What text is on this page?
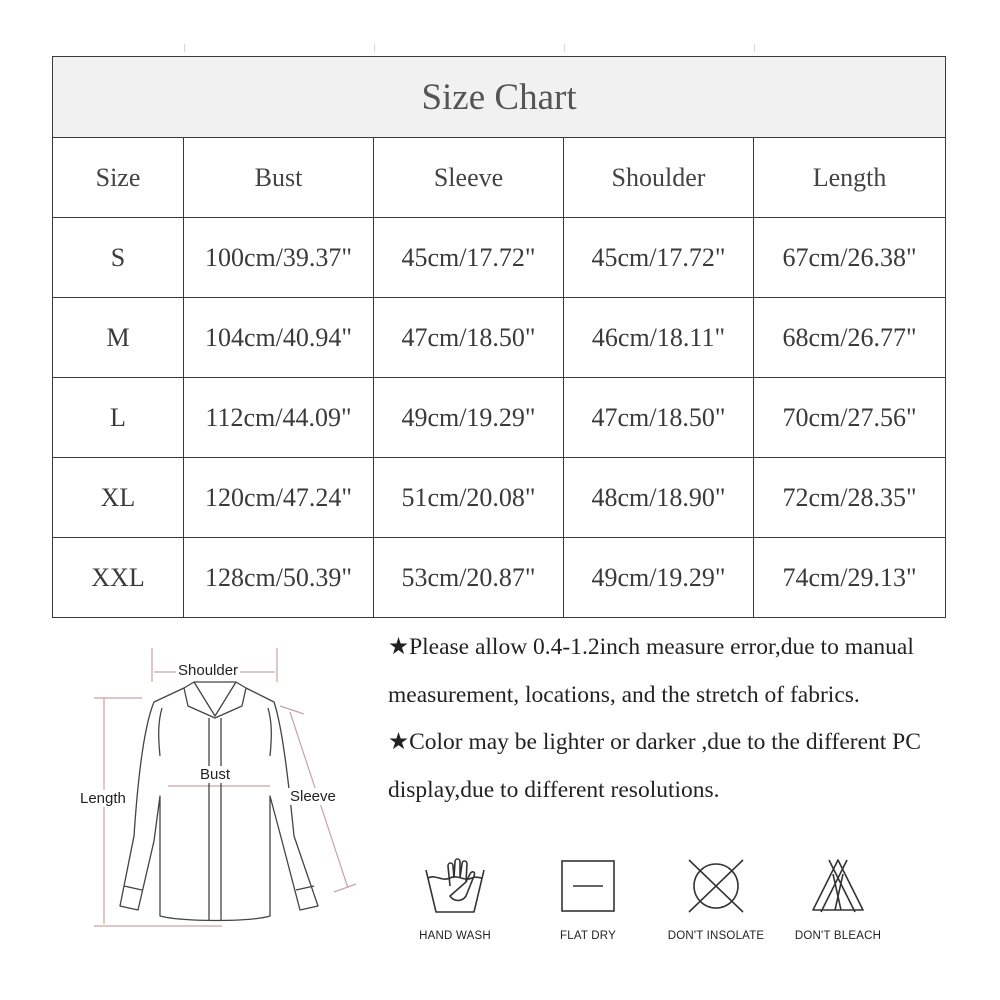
Size Chart				
Size	Bust	Sleeve	Shoulder	Length
S	100cm/39.37"	45cm/17.72"	45cm/17.72"	67cm/26.38"
M	104cm/40.94"	47cm/18.50"	46cm/18.11"	68cm/26.77"
L	112cm/44.09"	49cm/19.29"	47cm/18.50"	70cm/27.56"
XL	120cm/47.24"	51cm/20.08"	48cm/18.90"	72cm/28.35"
XXL	128cm/50.39"	53cm/20.87"	49cm/19.29"	74cm/29.13"
Shoulder
Bust
Length	Sleeve

★Please allow 0.4-1.2inch measure error,due to manual measurement, locations, and the stretch of fabrics.

★Color may be lighter or darker ,due to the different PC display,due to different resolutions.

HAND WASH	FLAT DRY	DON'T INSOLATE	DON'T BLEACH
